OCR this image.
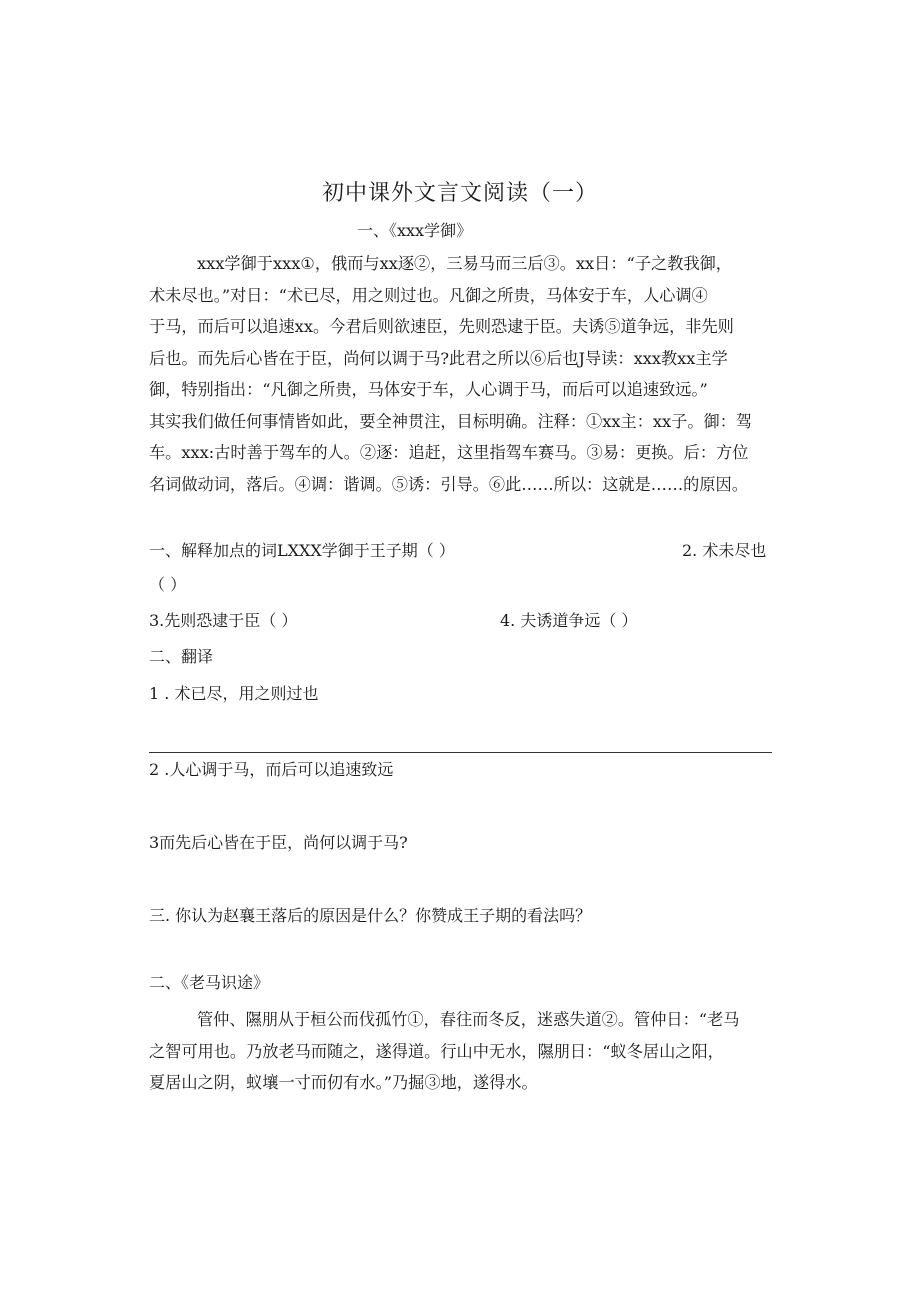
初中课外文言文阅读（一）
一、《xxx学御》
xxx学御于xxx①，俄而与xx逐②，三易马而三后③。xx日：“子之教我御，
术未尽也。”对日：“术已尽，用之则过也。凡御之所贵，马体安于车，人心调④
于马，而后可以追速xx。今君后则欲速臣，先则恐逮于臣。夫诱⑤道争远，非先则
后也。而先后心皆在于臣，尚何以调于马?此君之所以⑥后也J导读：xxx教xx主学
御，特别指出：“凡御之所贵，马体安于车，人心调于马，而后可以追速致远。”
其实我们做任何事情皆如此，要全神贯注，目标明确。注释：①xx主：xx子。御：驾
车。xxx:古时善于驾车的人。②逐：追赶，这里指驾车赛马。③易：更换。后：方位
名词做动词，落后。④调：谐调。⑤诱：引导。⑥此……所以：这就是……的原因。
一、解释加点的词LXXX学御于王子期（ ）	2. 术未尽也
（ ）
3.先则恐逮于臣（ ）	4. 夫诱道争远（ ）
二、翻译
1 . 术已尽，用之则过也
2 .人心调于马，而后可以追速致远
3而先后心皆在于臣，尚何以调于马?
三. 你认为赵襄王落后的原因是什么？你赞成王子期的看法吗？
二、《老马识途》
管仲、隰朋从于桓公而伐孤竹①，春往而冬反，迷惑失道②。管仲日：“老马
之智可用也。乃放老马而随之，遂得道。行山中无水，隰朋日：“蚁冬居山之阳，
夏居山之阴，蚁壤一寸而仞有水。”乃掘③地，遂得水。
